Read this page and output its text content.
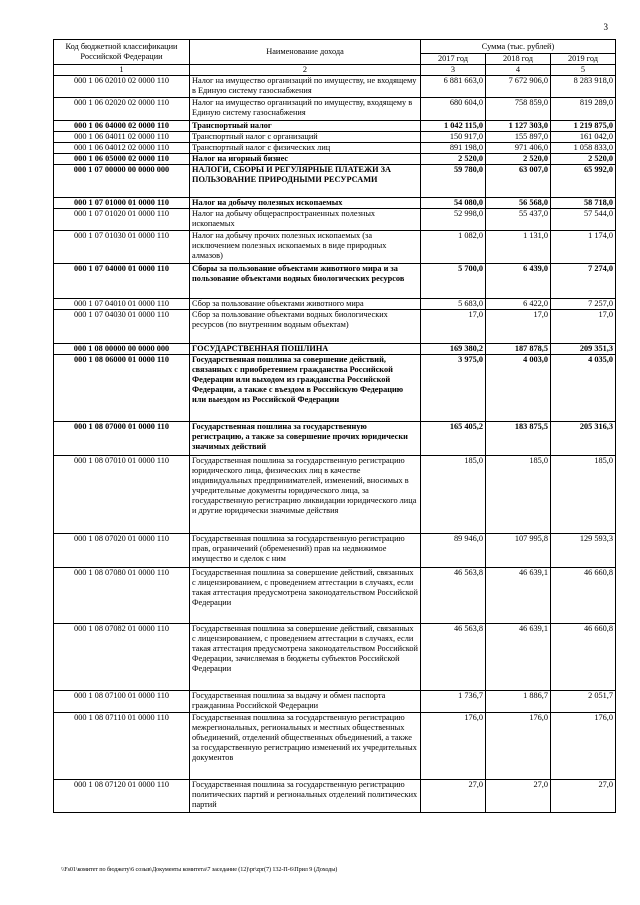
3
Код бюджетной классификации Российской Федерации	Наименование дохода	Сумма (тыс. рублей)		
		2017 год	2018 год	2019 год
1	2	3	4	5
000 1 06 02010 02 0000 110	Налог на имущество организаций по имуществу, не входящему в Единую систему газоснабжения	6 881 663,0	7 672 906,0	8 283 918,0
000 1 06 02020 02 0000 110	Налог на имущество организаций по имуществу, входящему в Единую систему газоснабжения	680 604,0	758 859,0	819 289,0
000 1 06 04000 02 0000 110	Транспортный налог	1 042 115,0	1 127 303,0	1 219 875,0
000 1 06 04011 02 0000 110	Транспортный налог с организаций	150 917,0	155 897,0	161 042,0
000 1 06 04012 02 0000 110	Транспортный налог с физических лиц	891 198,0	971 406,0	1 058 833,0
000 1 06 05000 02 0000 110	Налог на игорный бизнес	2 520,0	2 520,0	2 520,0
000 1 07 00000 00 0000 000	НАЛОГИ, СБОРЫ И РЕГУЛЯРНЫЕ ПЛАТЕЖИ ЗА ПОЛЬЗОВАНИЕ ПРИРОДНЫМИ РЕСУРСАМИ	59 780,0	63 007,0	65 992,0
000 1 07 01000 01 0000 110	Налог на добычу полезных ископаемых	54 080,0	56 568,0	58 718,0
000 1 07 01020 01 0000 110	Налог на добычу общераспространенных полезных ископаемых	52 998,0	55 437,0	57 544,0
000 1 07 01030 01 0000 110	Налог на добычу прочих полезных ископаемых (за исключением полезных ископаемых в виде природных алмазов)	1 082,0	1 131,0	1 174,0
000 1 07 04000 01 0000 110	Сборы за пользование объектами животного мира и за пользование объектами водных биологических ресурсов	5 700,0	6 439,0	7 274,0
000 1 07 04010 01 0000 110	Сбор за пользование объектами животного мира	5 683,0	6 422,0	7 257,0
000 1 07 04030 01 0000 110	Сбор за пользование объектами водных биологических ресурсов (по внутренним водным объектам)	17,0	17,0	17,0
000 1 08 00000 00 0000 000	ГОСУДАРСТВЕННАЯ ПОШЛИНА	169 380,2	187 878,5	209 351,3
000 1 08 06000 01 0000 110	Государственная пошлина за совершение действий, связанных с приобретением гражданства Российской Федерации или выходом из гражданства Российской Федерации, а также с въездом в Российскую Федерацию или выездом из Российской Федерации	3 975,0	4 003,0	4 035,0
000 1 08 07000 01 0000 110	Государственная пошлина за государственную регистрацию, а также за совершение прочих юридически значимых действий	165 405,2	183 875,5	205 316,3
000 1 08 07010 01 0000 110	Государственная пошлина за государственную регистрацию юридического лица, физических лиц в качестве индивидуальных предпринимателей, изменений, вносимых в учредительные документы юридического лица, за государственную регистрацию ликвидации юридического лица и другие юридически значимые действия	185,0	185,0	185,0
000 1 08 07020 01 0000 110	Государственная пошлина за государственную регистрацию прав, ограничений (обременений) прав на недвижимое имущество и сделок с ним	89 946,0	107 995,8	129 593,3
000 1 08 07080 01 0000 110	Государственная пошлина за совершение действий, связанных с лицензированием, с проведением аттестации в случаях, если такая аттестация предусмотрена законодательством Российской Федерации	46 563,8	46 639,1	46 660,8
000 1 08 07082 01 0000 110	Государственная пошлина за совершение действий, связанных с лицензированием, с проведением аттестации в случаях, если такая аттестация предусмотрена законодательством Российской Федерации, зачисляемая в бюджеты субъектов Российской Федерации	46 563,8	46 639,1	46 660,8
000 1 08 07100 01 0000 110	Государственная пошлина за выдачу и обмен паспорта гражданина Российской Федерации	1 736,7	1 886,7	2 051,7
000 1 08 07110 01 0000 110	Государственная пошлина за государственную регистрацию межрегиональных, региональных и местных общественных объединений, отделений общественных объединений, а также за государственную регистрацию изменений их учредительных документов	176,0	176,0	176,0
000 1 08 07120 01 0000 110	Государственная пошлина за государственную регистрацию политических партий и региональных отделений политических партий	27,0	27,0	27,0
\\Fs01\комитет по бюджету\6 созыв\Документы комитета\7 заседание (12)\pr\zpr(7) 132-П-6\Прил 9 (Доходы)
